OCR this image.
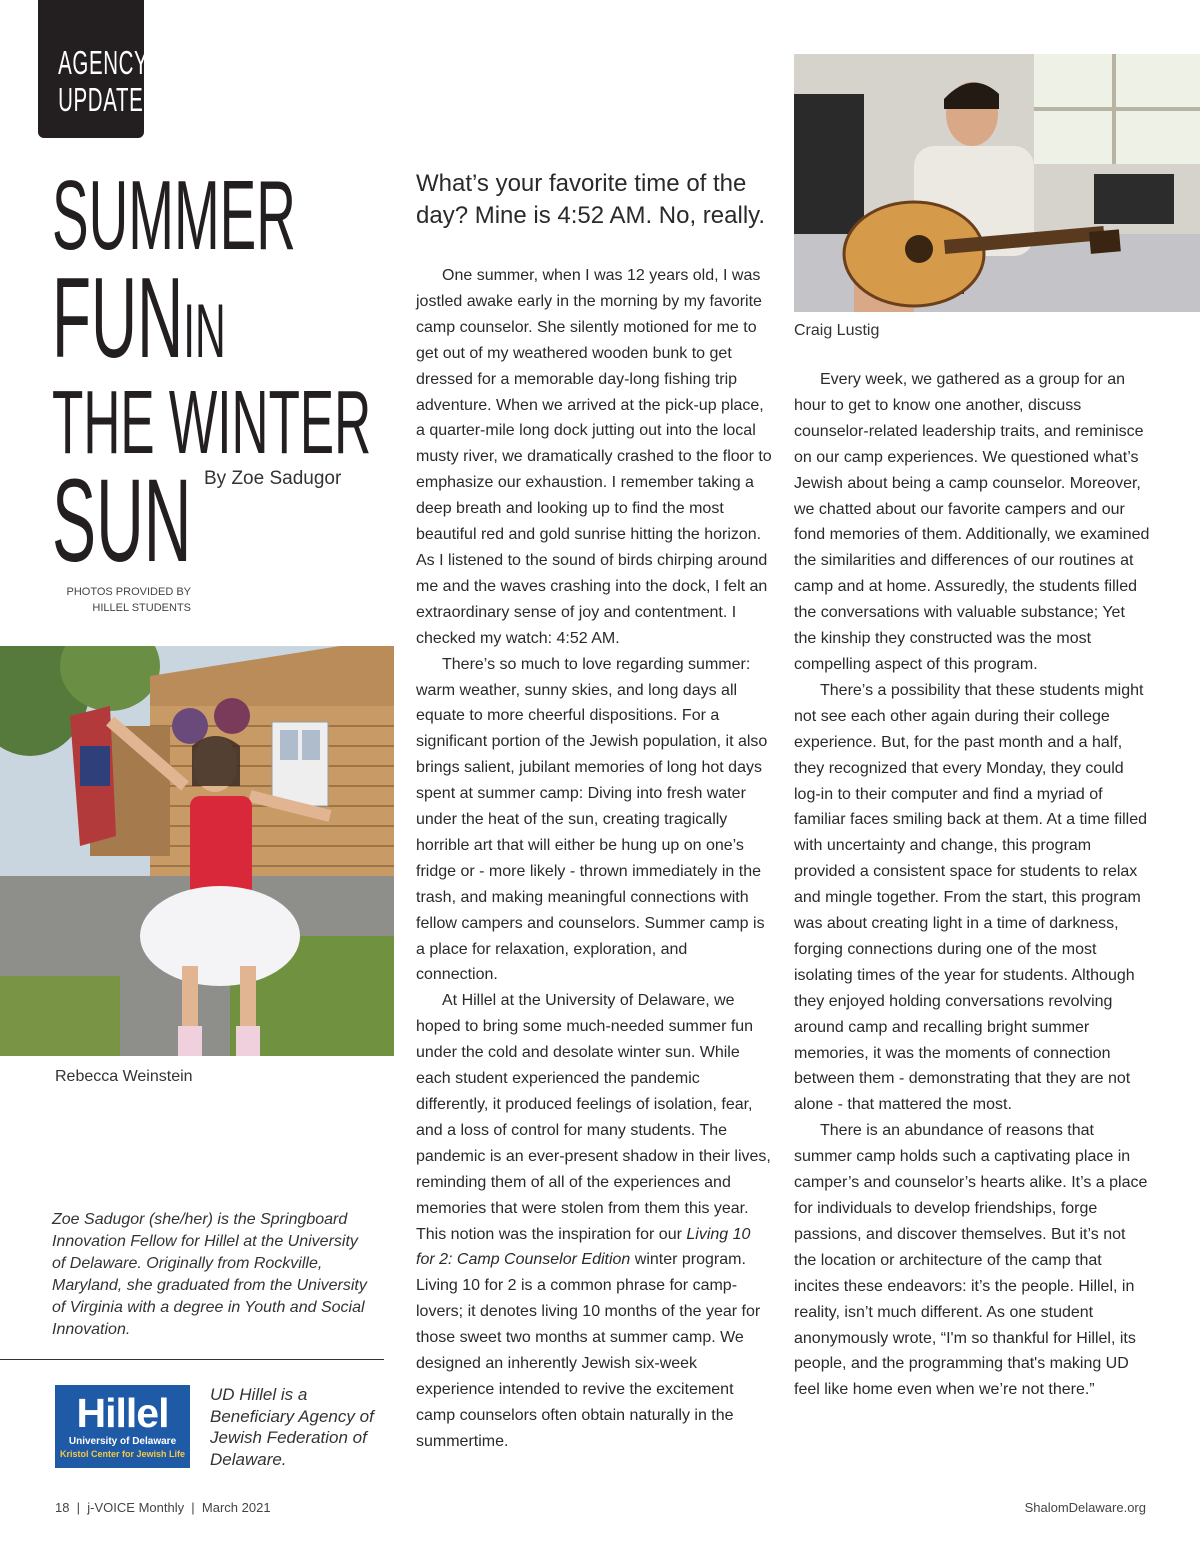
AGENCY
UPDATE
SUMMER
FUNIN
THE WINTER
SUN By Zoe Sadugor
PHOTOS PROVIDED BY
HILLEL STUDENTS
Rebecca Weinstein
Craig Lustig

Zoe Sadugor (she/her) is the Springboard Innovation Fellow for Hillel at the University of Delaware. Originally from Rockville, Maryland, she graduated from the University of Virginia with a degree in Youth and Social Innovation.

Hillel
University of Delaware
Kristol Center for Jewish Life

UD Hillel is a Beneficiary Agency of Jewish Federation of Delaware.

What’s your favorite time of the day? Mine is 4:52 AM. No, really.

One summer, when I was 12 years old, I was jostled awake early in the morning by my favorite camp counselor. She silently motioned for me to get out of my weathered wooden bunk to get dressed for a memorable day-long fishing trip adventure. When we arrived at the pick-up place, a quarter-mile long dock jutting out into the local musty river, we dramatically crashed to the floor to emphasize our exhaustion. I remember taking a deep breath and looking up to find the most beautiful red and gold sunrise hitting the horizon. As I listened to the sound of birds chirping around me and the waves crashing into the dock, I felt an extraordinary sense of joy and contentment. I checked my watch: 4:52 AM.

There’s so much to love regarding summer: warm weather, sunny skies, and long days all equate to more cheerful dispositions. For a significant portion of the Jewish population, it also brings salient, jubilant memories of long hot days spent at summer camp: Diving into fresh water under the heat of the sun, creating tragically horrible art that will either be hung up on one’s fridge or - more likely - thrown immediately in the trash, and making meaningful connections with fellow campers and counselors. Summer camp is a place for relaxation, exploration, and connection.

At Hillel at the University of Delaware, we hoped to bring some much-needed summer fun under the cold and desolate winter sun. While each student experienced the pandemic differently, it produced feelings of isolation, fear, and a loss of control for many students. The pandemic is an ever-present shadow in their lives, reminding them of all of the experiences and memories that were stolen from them this year. This notion was the inspiration for our Living 10 for 2: Camp Counselor Edition winter program. Living 10 for 2 is a common phrase for camp-lovers; it denotes living 10 months of the year for those sweet two months at summer camp. We designed an inherently Jewish six-week experience intended to revive the excitement camp counselors often obtain naturally in the summertime.

Every week, we gathered as a group for an hour to get to know one another, discuss counselor-related leadership traits, and reminisce on our camp experiences. We questioned what’s Jewish about being a camp counselor. Moreover, we chatted about our favorite campers and our fond memories of them. Additionally, we examined the similarities and differences of our routines at camp and at home. Assuredly, the students filled the conversations with valuable substance; Yet the kinship they constructed was the most compelling aspect of this program.

There’s a possibility that these students might not see each other again during their college experience. But, for the past month and a half, they recognized that every Monday, they could log-in to their computer and find a myriad of familiar faces smiling back at them. At a time filled with uncertainty and change, this program provided a consistent space for students to relax and mingle together. From the start, this program was about creating light in a time of darkness, forging connections during one of the most isolating times of the year for students. Although they enjoyed holding conversations revolving around camp and recalling bright summer memories, it was the moments of connection between them - demonstrating that they are not alone - that mattered the most.

There is an abundance of reasons that summer camp holds such a captivating place in camper’s and counselor’s hearts alike. It’s a place for individuals to develop friendships, forge passions, and discover themselves. But it’s not the location or architecture of the camp that incites these endeavors: it’s the people. Hillel, in reality, isn’t much different. As one student anonymously wrote, “I'm so thankful for Hillel, its people, and the programming that's making UD feel like home even when we’re not there.”

18  |  j-VOICE Monthly  |  March 2021	ShalomDelaware.org
